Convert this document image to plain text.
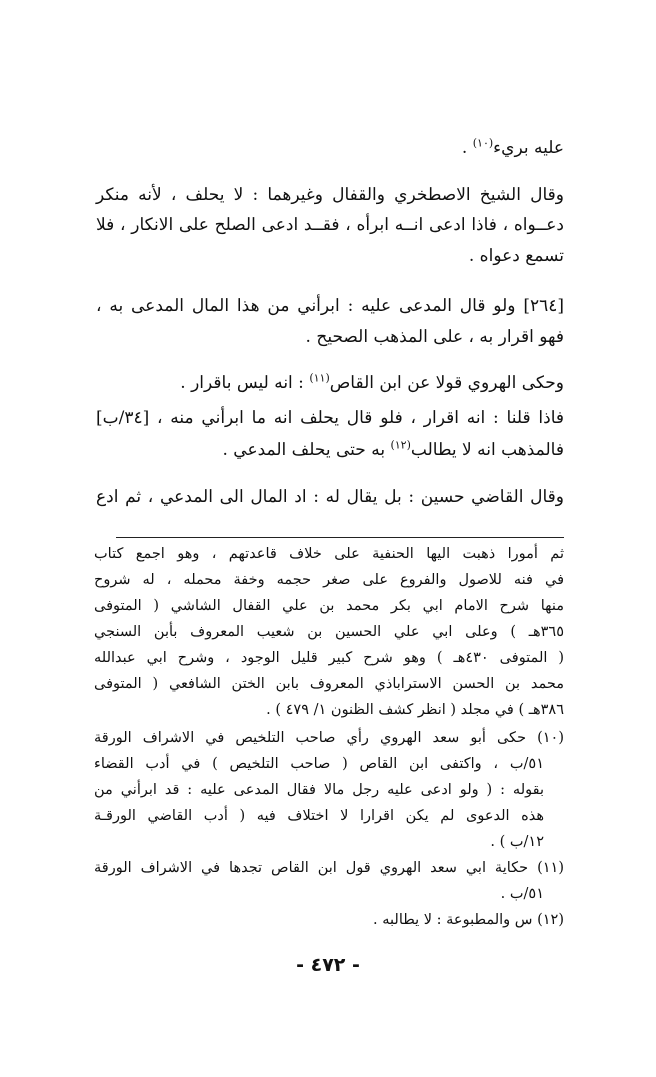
عليه بريء$^{(١٠)}$ .
وقال الشيخ الاصطخري والقفال وغيرهما : لا يحلف ، لأنه منكر
دعــواه ، فاذا ادعى انــه ابرأه ، فقــد ادعى الصلح على الانكار ، فلا
تسمع دعواه .
[٢٦٤] ولو قال المدعى عليه : ابرأني من هذا المال المدعى به ،
فهو اقرار به ، على المذهب الصحيح .
وحكى الهروي قولا عن ابن القاص$^{(١١)}$ : انه ليس باقرار .
فاذا قلنا : انه اقرار ، فلو قال يحلف انه ما ابرأني منه ، [٣٤/ب]
فالمذهب انه لا يطالب$^{(١٢)}$ به حتى يحلف المدعي .
وقال القاضي حسين : بل يقال له : اد المال الى المدعي ، ثم ادع
ثم أمورا ذهبت اليها الحنفية على خلاف قاعدتهم ، وهو اجمع كتاب
في فنه للاصول والفروع على صغر حجمه وخفة محمله ، له شروح
منها شرح الامام ابي بكر محمد بن علي القفال الشاشي ( المتوفى
٣٦٥هـ ) وعلى ابي علي الحسين بن شعيب المعروف بأبن السنجي
( المتوفى ٤٣٠هـ ) وهو شرح كبير قليل الوجود ، وشرح ابي عبدالله
محمد بن الحسن الاستراباذي المعروف بابن الختن الشافعي ( المتوفى
٣٨٦هـ ) في مجلد ( انظر كشف الظنون ١/ ٤٧٩ ) .
(١٠) حكى أبو سعد الهروي رأي صاحب التلخيص في الاشراف الورقة
٥١/ب ، واكتفى ابن القاص ( صاحب التلخيص ) في أدب القضاء
بقوله : ( ولو ادعى عليه رجل مالا فقال المدعى عليه : قد ابرأني من
هذه الدعوى لم يكن اقرارا لا اختلاف فيه ( أدب القاضي الورقـة
١٢/ب ) .
(١١) حكاية ابي سعد الهروي قول ابن القاص تجدها في الاشراف الورقة
٥١/ب .
(١٢) س والمطبوعة : لا يطالبه .
- ٤٧٢ -
